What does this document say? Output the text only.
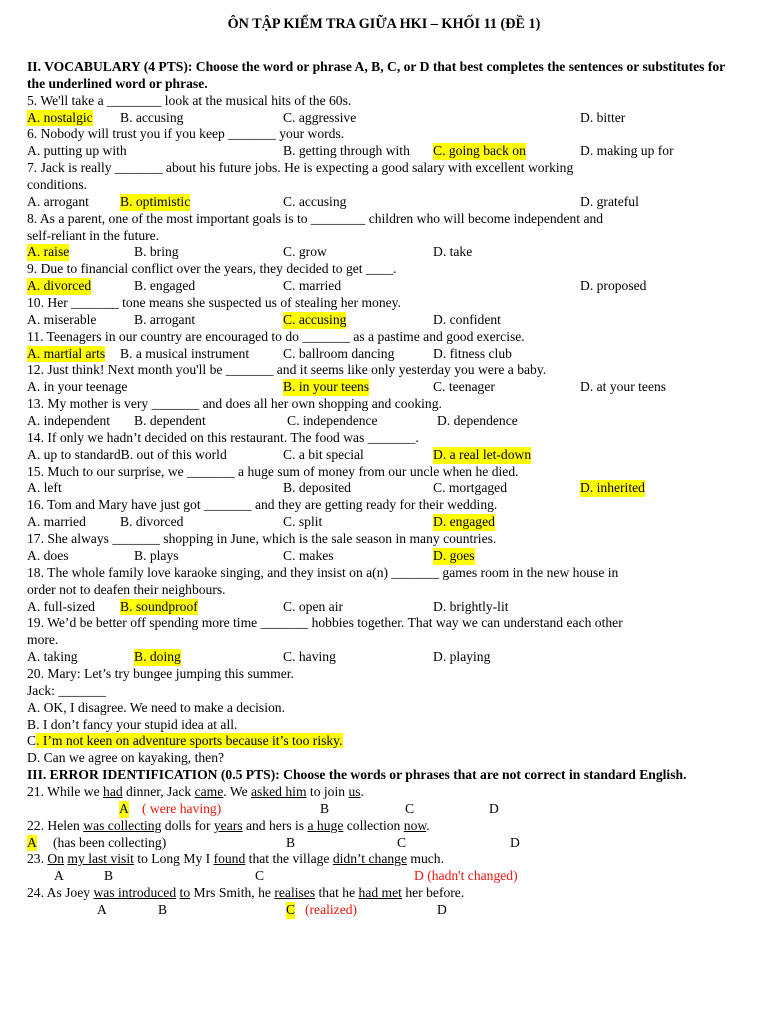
ÔN TẬP KIỂM TRA GIỮA HKI – KHỐI 11 (ĐỀ 1)
II. VOCABULARY (4 PTS): Choose the word or phrase A, B, C, or D that best completes the sentences or substitutes for the underlined word or phrase.
5. We'll take a ________ look at the musical hits of the 60s.
A. nostalgic B. accusing	C. aggressive	D. bitter
6. Nobody will trust you if you keep _______ your words.
A. putting up with	B. getting through with C. going back on	D. making up for
7. Jack is really _______ about his future jobs. He is expecting a good salary with excellent working
conditions.
A. arrogant B. optimistic	C. accusing	D. grateful
8. As a parent, one of the most important goals is to ________ children who will become independent and
self-reliant in the future.
A. raise	B. bring	C. grow	D. take
9. Due to financial conflict over the years, they decided to get ____.
A. divorced	B. engaged	C. married	D. proposed
10. Her _______ tone means she suspected us of stealing her money.
A. miserable	B. arrogant	C. accusing	D. confident
11. Teenagers in our country are encouraged to do _______ as a pastime and good exercise.
A. martial arts B. a musical instrument C. ballroom dancing	D. fitness club
12. Just think! Next month you'll be _______ and it seems like only yesterday you were a baby.
A. in your teenage	B. in your teens	C. teenager	D. at your teens
13. My mother is very _______ and does all her own shopping and cooking.
A. independent B. dependent	C. independence	D. dependence
14. If only we hadn’t decided on this restaurant. The food was _______.
A. up to standardB. out of this world	C. a bit special	D. a real let-down
15. Much to our surprise, we _______ a huge sum of money from our uncle when he died.
A. left	B. deposited	C. mortgaged	D. inherited
16. Tom and Mary have just got _______ and they are getting ready for their wedding.
A. married	B. divorced	C. split	D. engaged
17. She always _______ shopping in June, which is the sale season in many countries.
A. does	B. plays	C. makes	D. goes
18. The whole family love karaoke singing, and they insist on a(n) _______ games room in the new house in
order not to deafen their neighbours.
A. full-sized B. soundproof	C. open air	D. brightly-lit
19. We’d be better off spending more time _______ hobbies together. That way we can understand each other
more.
A. taking	B. doing	C. having	D. playing
20. Mary: Let’s try bungee jumping this summer.
Jack: _______
A. OK, I disagree. We need to make a decision.
B. I don’t fancy your stupid idea at all.
C. I’m not keen on adventure sports because it’s too risky.
D. Can we agree on kayaking, then?
III. ERROR IDENTIFICATION (0.5 PTS): Choose the words or phrases that are not correct in standard English.
21. While we had dinner, Jack came. We asked him to join us.
A ( were having)	B	C	D
22. Helen was collecting dolls for years and hers is a huge collection now.
A (has been collecting)	B	C	D
23. On my last visit to Long My I found that the village didn’t change much.
A	B	C	D (hadn't changed)
24. As Joey was introduced to Mrs Smith, he realises that he had met her before.
A	B	C (realized)	D
